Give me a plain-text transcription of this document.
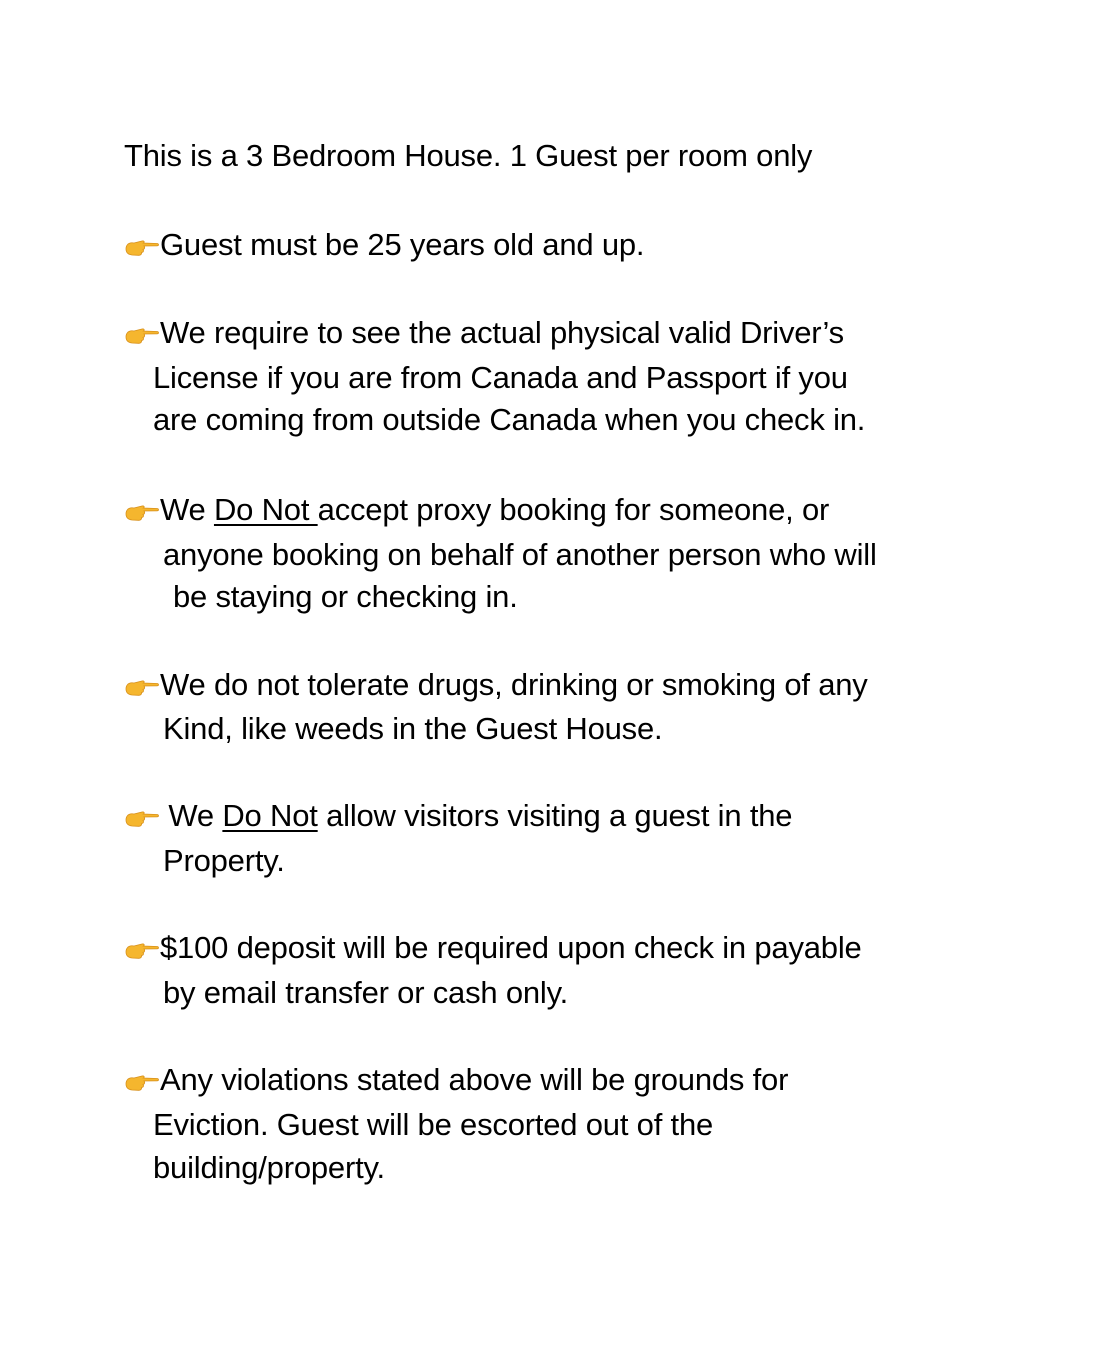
This is a 3 Bedroom House. 1 Guest per room only
Guest must be 25 years old and up.
We require to see the actual physical valid Driver’s
License if you are from Canada and Passport if you
are coming from outside Canada when you check in.
We Do Not accept proxy booking for someone, or
anyone booking on behalf of another person who will
be staying or checking in.
We do not tolerate drugs, drinking or smoking of any
Kind, like weeds in the Guest House.
We Do Not allow visitors visiting a guest in the
Property.
$100 deposit will be required upon check in payable
by email transfer or cash only.
Any violations stated above will be grounds for
Eviction. Guest will be escorted out of the
building/property.
